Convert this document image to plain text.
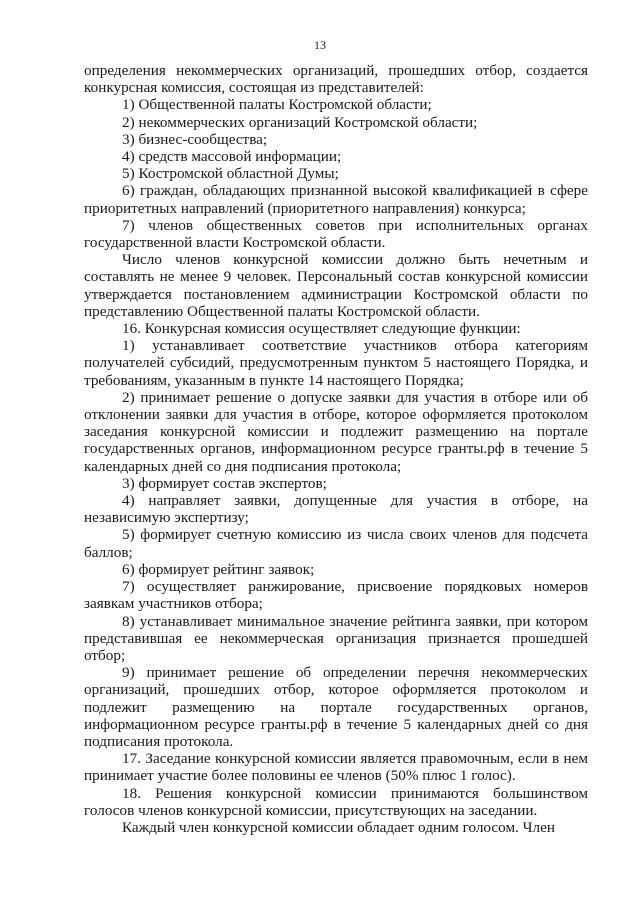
13

определения некоммерческих организаций, прошедших отбор, создается конкурсная комиссия, состоящая из представителей:

1) Общественной палаты Костромской области;

2) некоммерческих организаций Костромской области;

3) бизнес-сообщества;

4) средств массовой информации;

5) Костромской областной Думы;

6) граждан, обладающих признанной высокой квалификацией в сфере приоритетных направлений (приоритетного направления) конкурса;

7) членов общественных советов при исполнительных органах государственной власти Костромской области.

Число членов конкурсной комиссии должно быть нечетным и составлять не менее 9 человек. Персональный состав конкурсной комиссии утверждается постановлением администрации Костромской области по представлению Общественной палаты Костромской области.

16. Конкурсная комиссия осуществляет следующие функции:

1) устанавливает соответствие участников отбора категориям получателей субсидий, предусмотренным пунктом 5 настоящего Порядка, и требованиям, указанным в пункте 14 настоящего Порядка;

2) принимает решение о допуске заявки для участия в отборе или об отклонении заявки для участия в отборе, которое оформляется протоколом заседания конкурсной комиссии и подлежит размещению на портале государственных органов, информационном ресурсе гранты.рф в течение 5 календарных дней со дня подписания протокола;

3) формирует состав экспертов;

4) направляет заявки, допущенные для участия в отборе, на независимую экспертизу;

5) формирует счетную комиссию из числа своих членов для подсчета баллов;

6) формирует рейтинг заявок;

7) осуществляет ранжирование, присвоение порядковых номеров заявкам участников отбора;

8) устанавливает минимальное значение рейтинга заявки, при котором представившая ее некоммерческая организация признается прошедшей отбор;

9) принимает решение об определении перечня некоммерческих организаций, прошедших отбор, которое оформляется протоколом и подлежит размещению на портале государственных органов, информационном ресурсе гранты.рф в течение 5 календарных дней со дня подписания протокола.

17. Заседание конкурсной комиссии является правомочным, если в нем принимает участие более половины ее членов (50% плюс 1 голос).

18. Решения конкурсной комиссии принимаются большинством голосов членов конкурсной комиссии, присутствующих на заседании.

Каждый член конкурсной комиссии обладает одним голосом. Член
